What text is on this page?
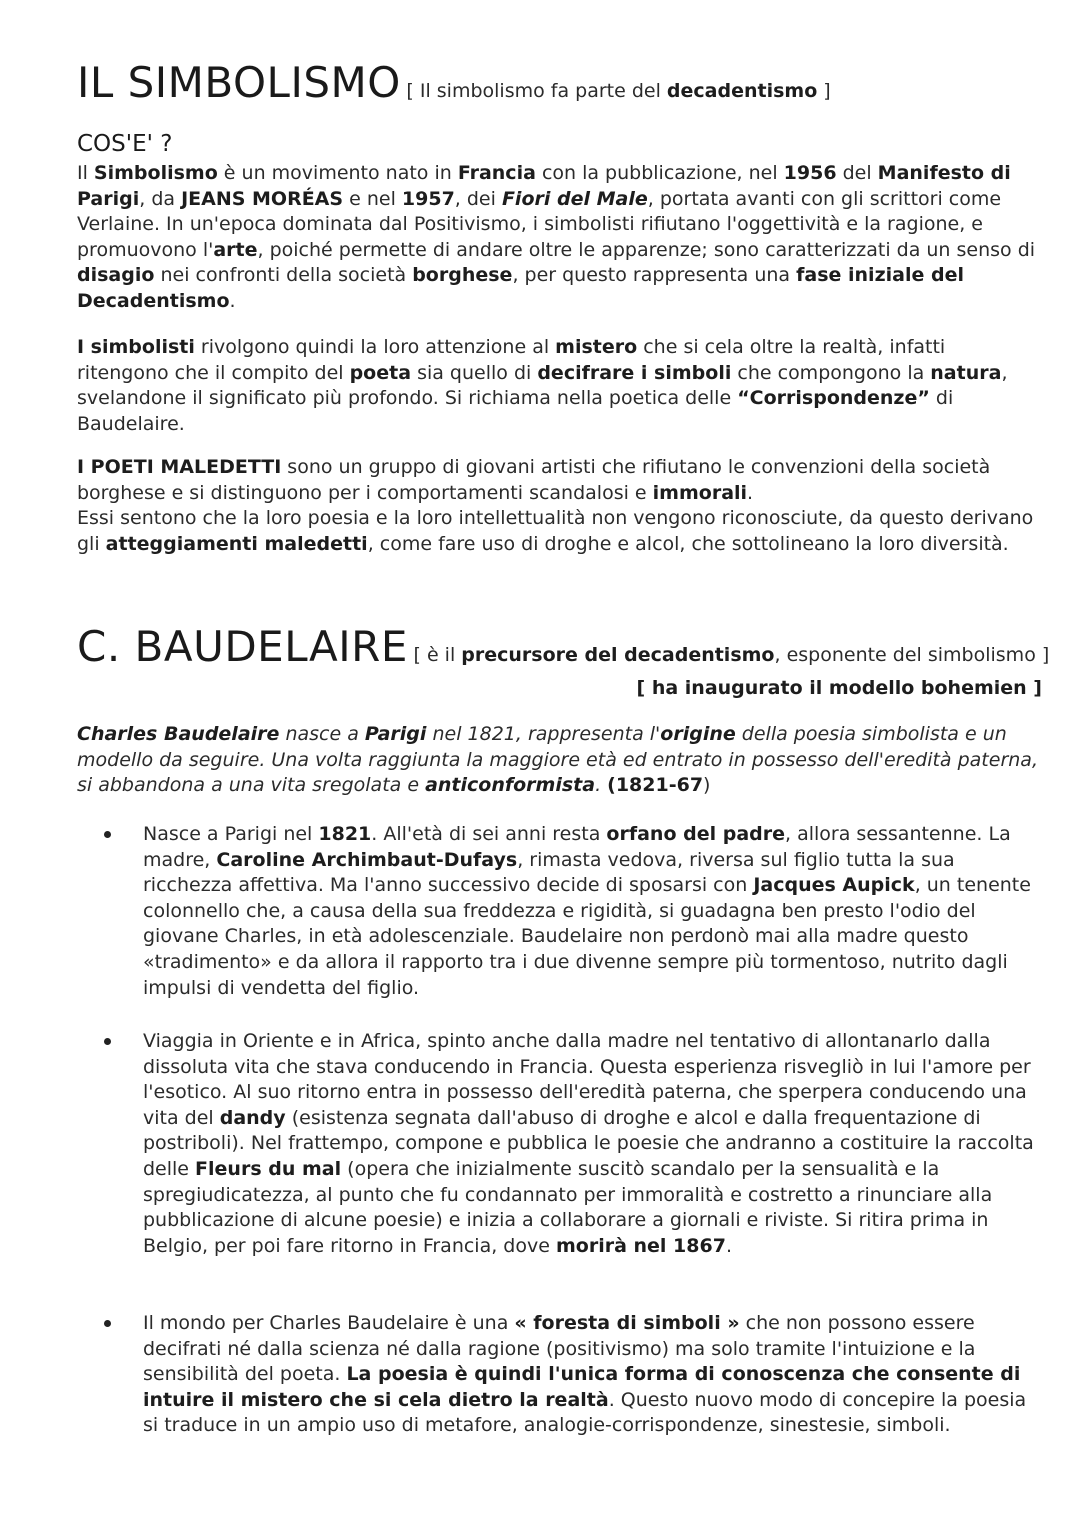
IL SIMBOLISMO [ Il simbolismo fa parte del decadentismo ]
COS'E' ?
Il Simbolismo è un movimento nato in Francia con la pubblicazione, nel 1956 del Manifesto di Parigi, da JEANS MORÉAS e nel 1957, dei Fiori del Male, portata avanti con gli scrittori come Verlaine. In un'epoca dominata dal Positivismo, i simbolisti rifiutano l'oggettività e la ragione, e promuovono l'arte, poiché permette di andare oltre le apparenze; sono caratterizzati da un senso di disagio nei confronti della società borghese, per questo rappresenta una fase iniziale del Decadentismo.
I simbolisti rivolgono quindi la loro attenzione al mistero che si cela oltre la realtà, infatti ritengono che il compito del poeta sia quello di decifrare i simboli che compongono la natura, svelandone il significato più profondo. Si richiama nella poetica delle “Corrispondenze” di Baudelaire.
I POETI MALEDETTI sono un gruppo di giovani artisti che rifiutano le convenzioni della società borghese e si distinguono per i comportamenti scandalosi e immorali.
Essi sentono che la loro poesia e la loro intellettualità non vengono riconosciute, da questo derivano gli atteggiamenti maledetti, come fare uso di droghe e alcol, che sottolineano la loro diversità.
C. BAUDELAIRE [ è il precursore del decadentismo, esponente del simbolismo ]
[ ha inaugurato il modello bohemien ]
Charles Baudelaire nasce a Parigi nel 1821, rappresenta l'origine della poesia simbolista e un modello da seguire. Una volta raggiunta la maggiore età ed entrato in possesso dell'eredità paterna, si abbandona a una vita sregolata e anticonformista. (1821-67)
Nasce a Parigi nel 1821. All'età di sei anni resta orfano del padre, allora sessantenne. La madre, Caroline Archimbaut-Dufays, rimasta vedova, riversa sul figlio tutta la sua ricchezza affettiva. Ma l'anno successivo decide di sposarsi con Jacques Aupick, un tenente colonnello che, a causa della sua freddezza e rigidità, si guadagna ben presto l'odio del giovane Charles, in età adolescenziale. Baudelaire non perdonò mai alla madre questo «tradimento» e da allora il rapporto tra i due divenne sempre più tormentoso, nutrito dagli impulsi di vendetta del figlio.
Viaggia in Oriente e in Africa, spinto anche dalla madre nel tentativo di allontanarlo dalla dissoluta vita che stava conducendo in Francia. Questa esperienza risvegliò in lui l'amore per l'esotico. Al suo ritorno entra in possesso dell'eredità paterna, che sperpera conducendo una vita del dandy (esistenza segnata dall'abuso di droghe e alcol e dalla frequentazione di postriboli). Nel frattempo, compone e pubblica le poesie che andranno a costituire la raccolta delle Fleurs du mal (opera che inizialmente suscitò scandalo per la sensualità e la spregiudicatezza, al punto che fu condannato per immoralità e costretto a rinunciare alla pubblicazione di alcune poesie) e inizia a collaborare a giornali e riviste. Si ritira prima in Belgio, per poi fare ritorno in Francia, dove morirà nel 1867.
Il mondo per Charles Baudelaire è una « foresta di simboli » che non possono essere decifrati né dalla scienza né dalla ragione (positivismo) ma solo tramite l'intuizione e la sensibilità del poeta. La poesia è quindi l'unica forma di conoscenza che consente di intuire il mistero che si cela dietro la realtà. Questo nuovo modo di concepire la poesia si traduce in un ampio uso di metafore, analogie-corrispondenze, sinestesie, simboli.
